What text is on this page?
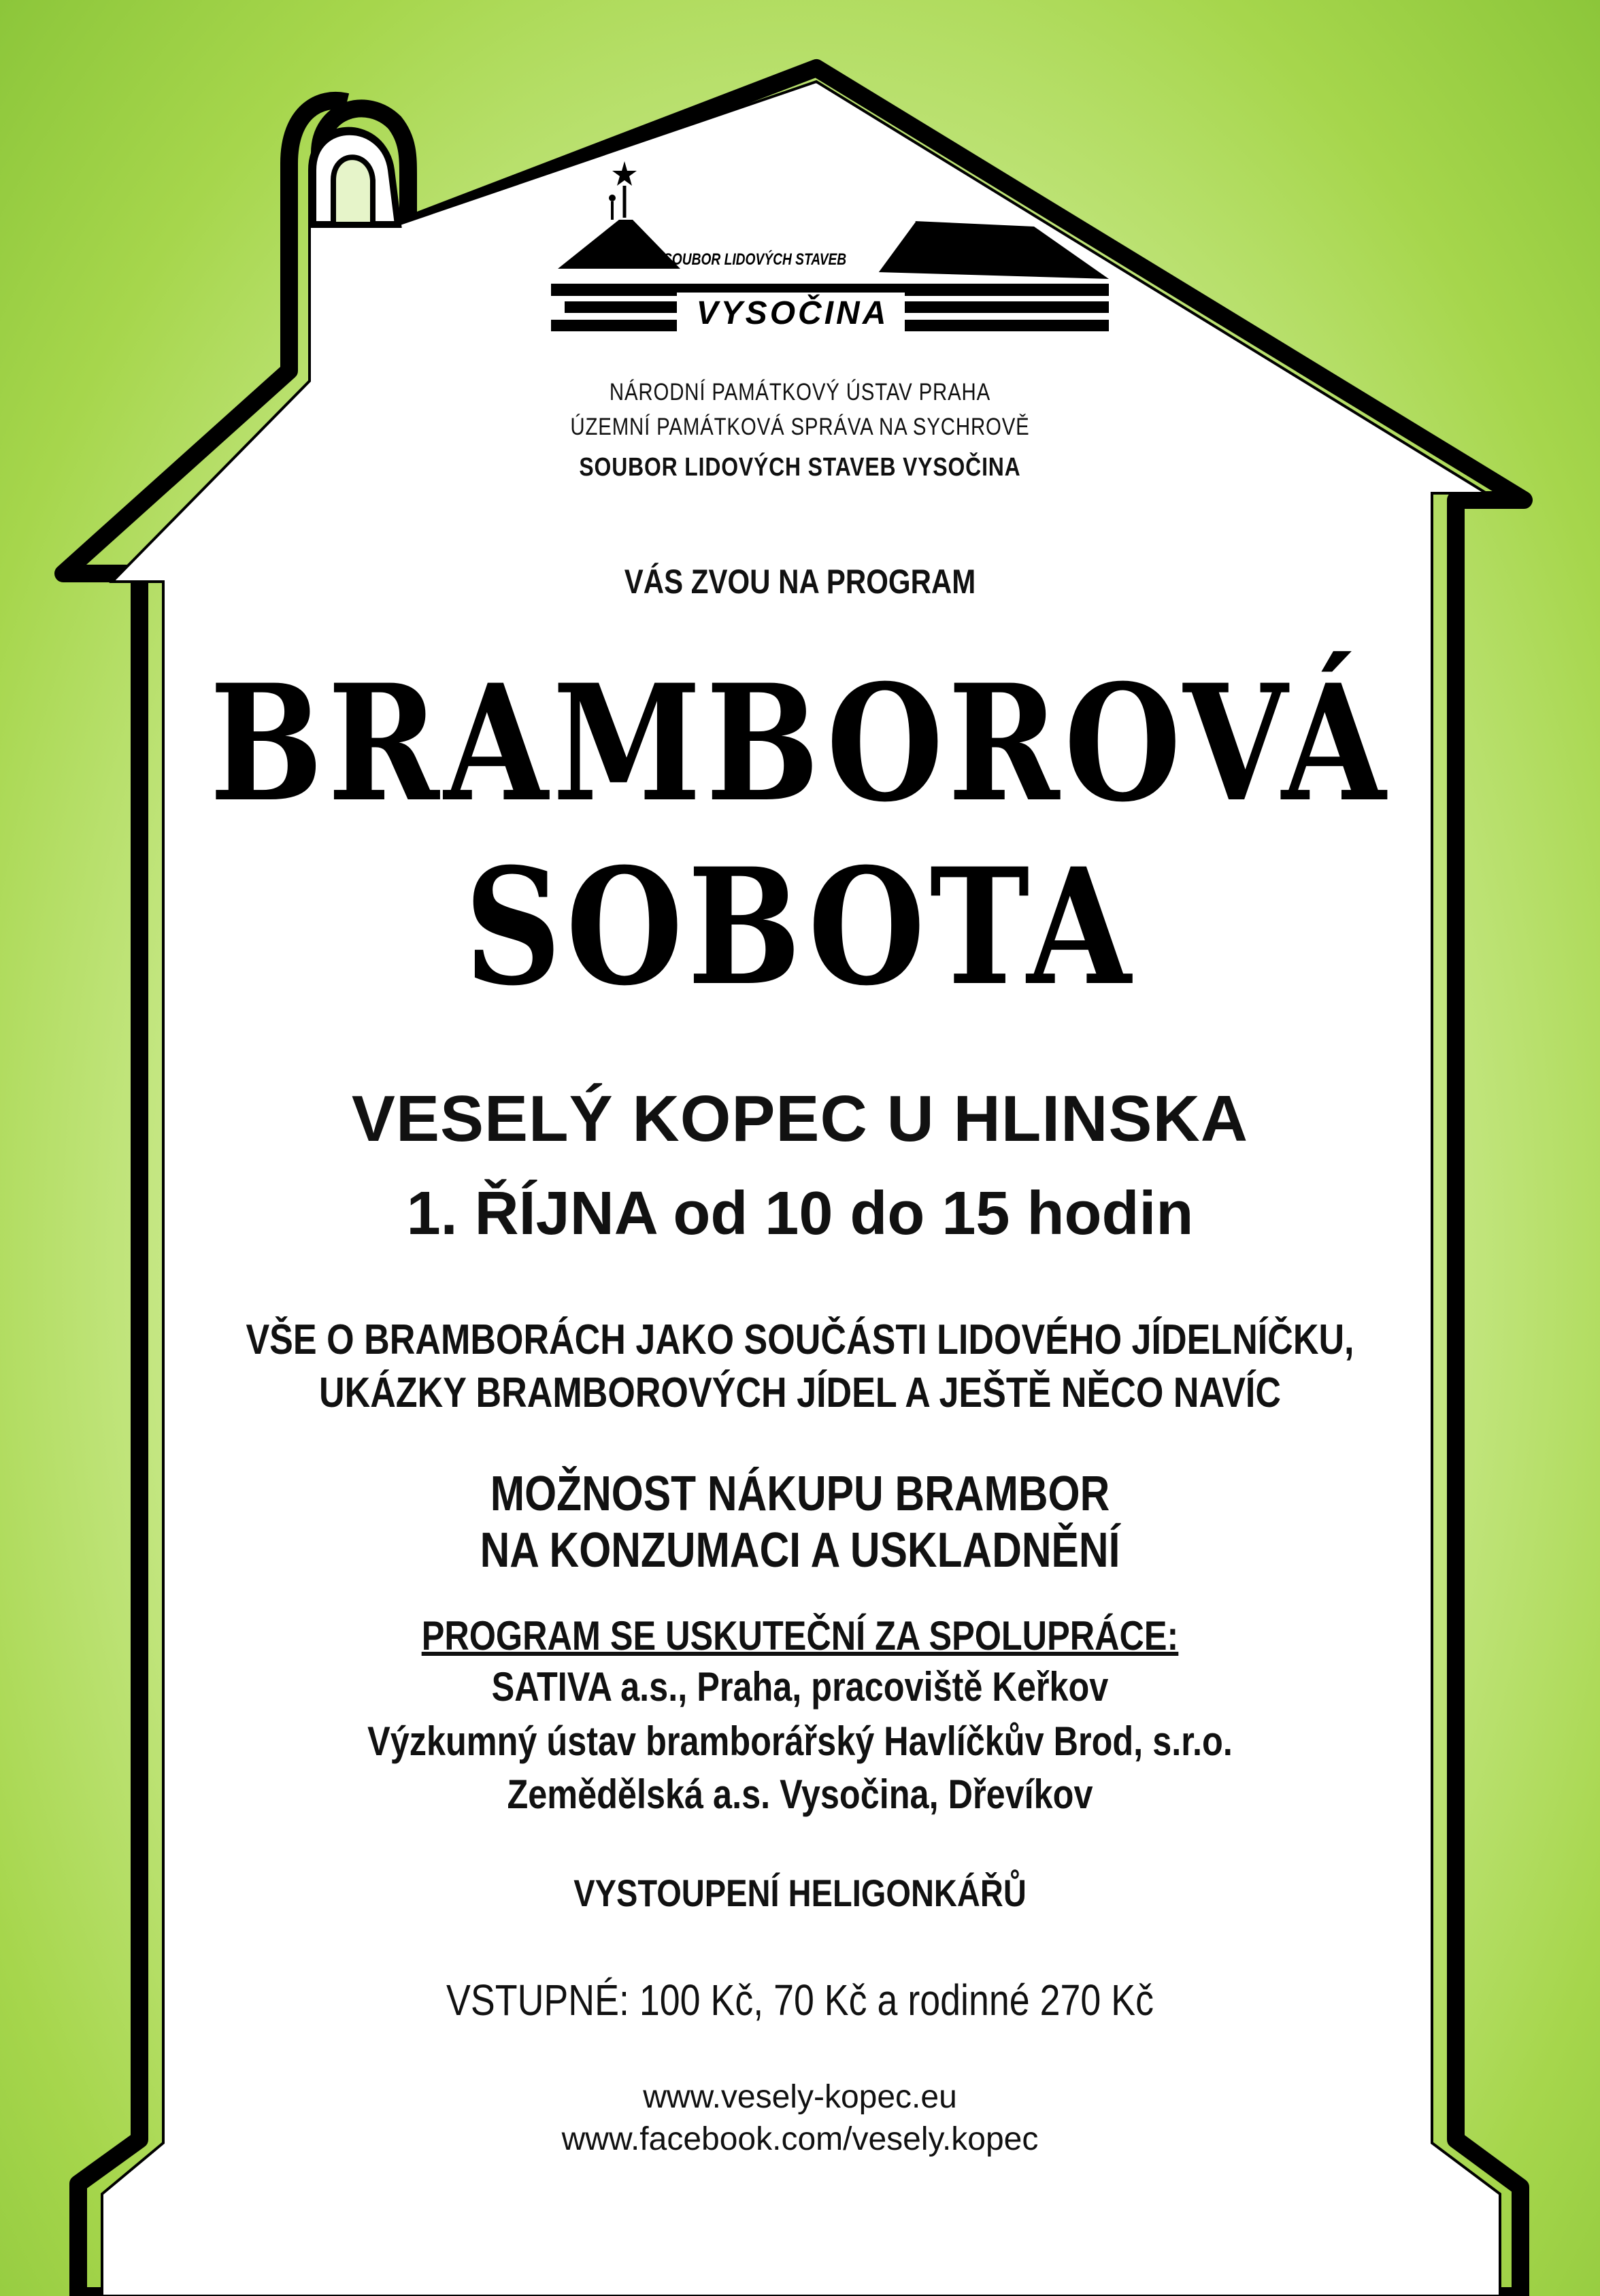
SOUBOR LIDOVÝCH STAVEB
VYSOČINA
NÁRODNÍ PAMÁTKOVÝ ÚSTAV PRAHA
ÚZEMNÍ PAMÁTKOVÁ SPRÁVA NA SYCHROVĚ
SOUBOR LIDOVÝCH STAVEB VYSOČINA
VÁS ZVOU NA PROGRAM
BRAMBOROVÁ
SOBOTA
VESELÝ KOPEC U HLINSKA
1. ŘÍJNA od 10 do 15 hodin
VŠE O BRAMBORÁCH JAKO SOUČÁSTI LIDOVÉHO JÍDELNÍČKU,
UKÁZKY BRAMBOROVÝCH JÍDEL A JEŠTĚ NĚCO NAVÍC
MOŽNOST NÁKUPU BRAMBOR
NA KONZUMACI A USKLADNĚNÍ
PROGRAM SE USKUTEČNÍ ZA SPOLUPRÁCE:
SATIVA a.s., Praha, pracoviště Keřkov
Výzkumný ústav bramborářský Havlíčkův Brod, s.r.o.
Zemědělská a.s. Vysočina, Dřevíkov
VYSTOUPENÍ HELIGONKÁŘŮ
VSTUPNÉ: 100 Kč, 70 Kč a rodinné 270 Kč
www.vesely-kopec.eu
www.facebook.com/vesely.kopec
